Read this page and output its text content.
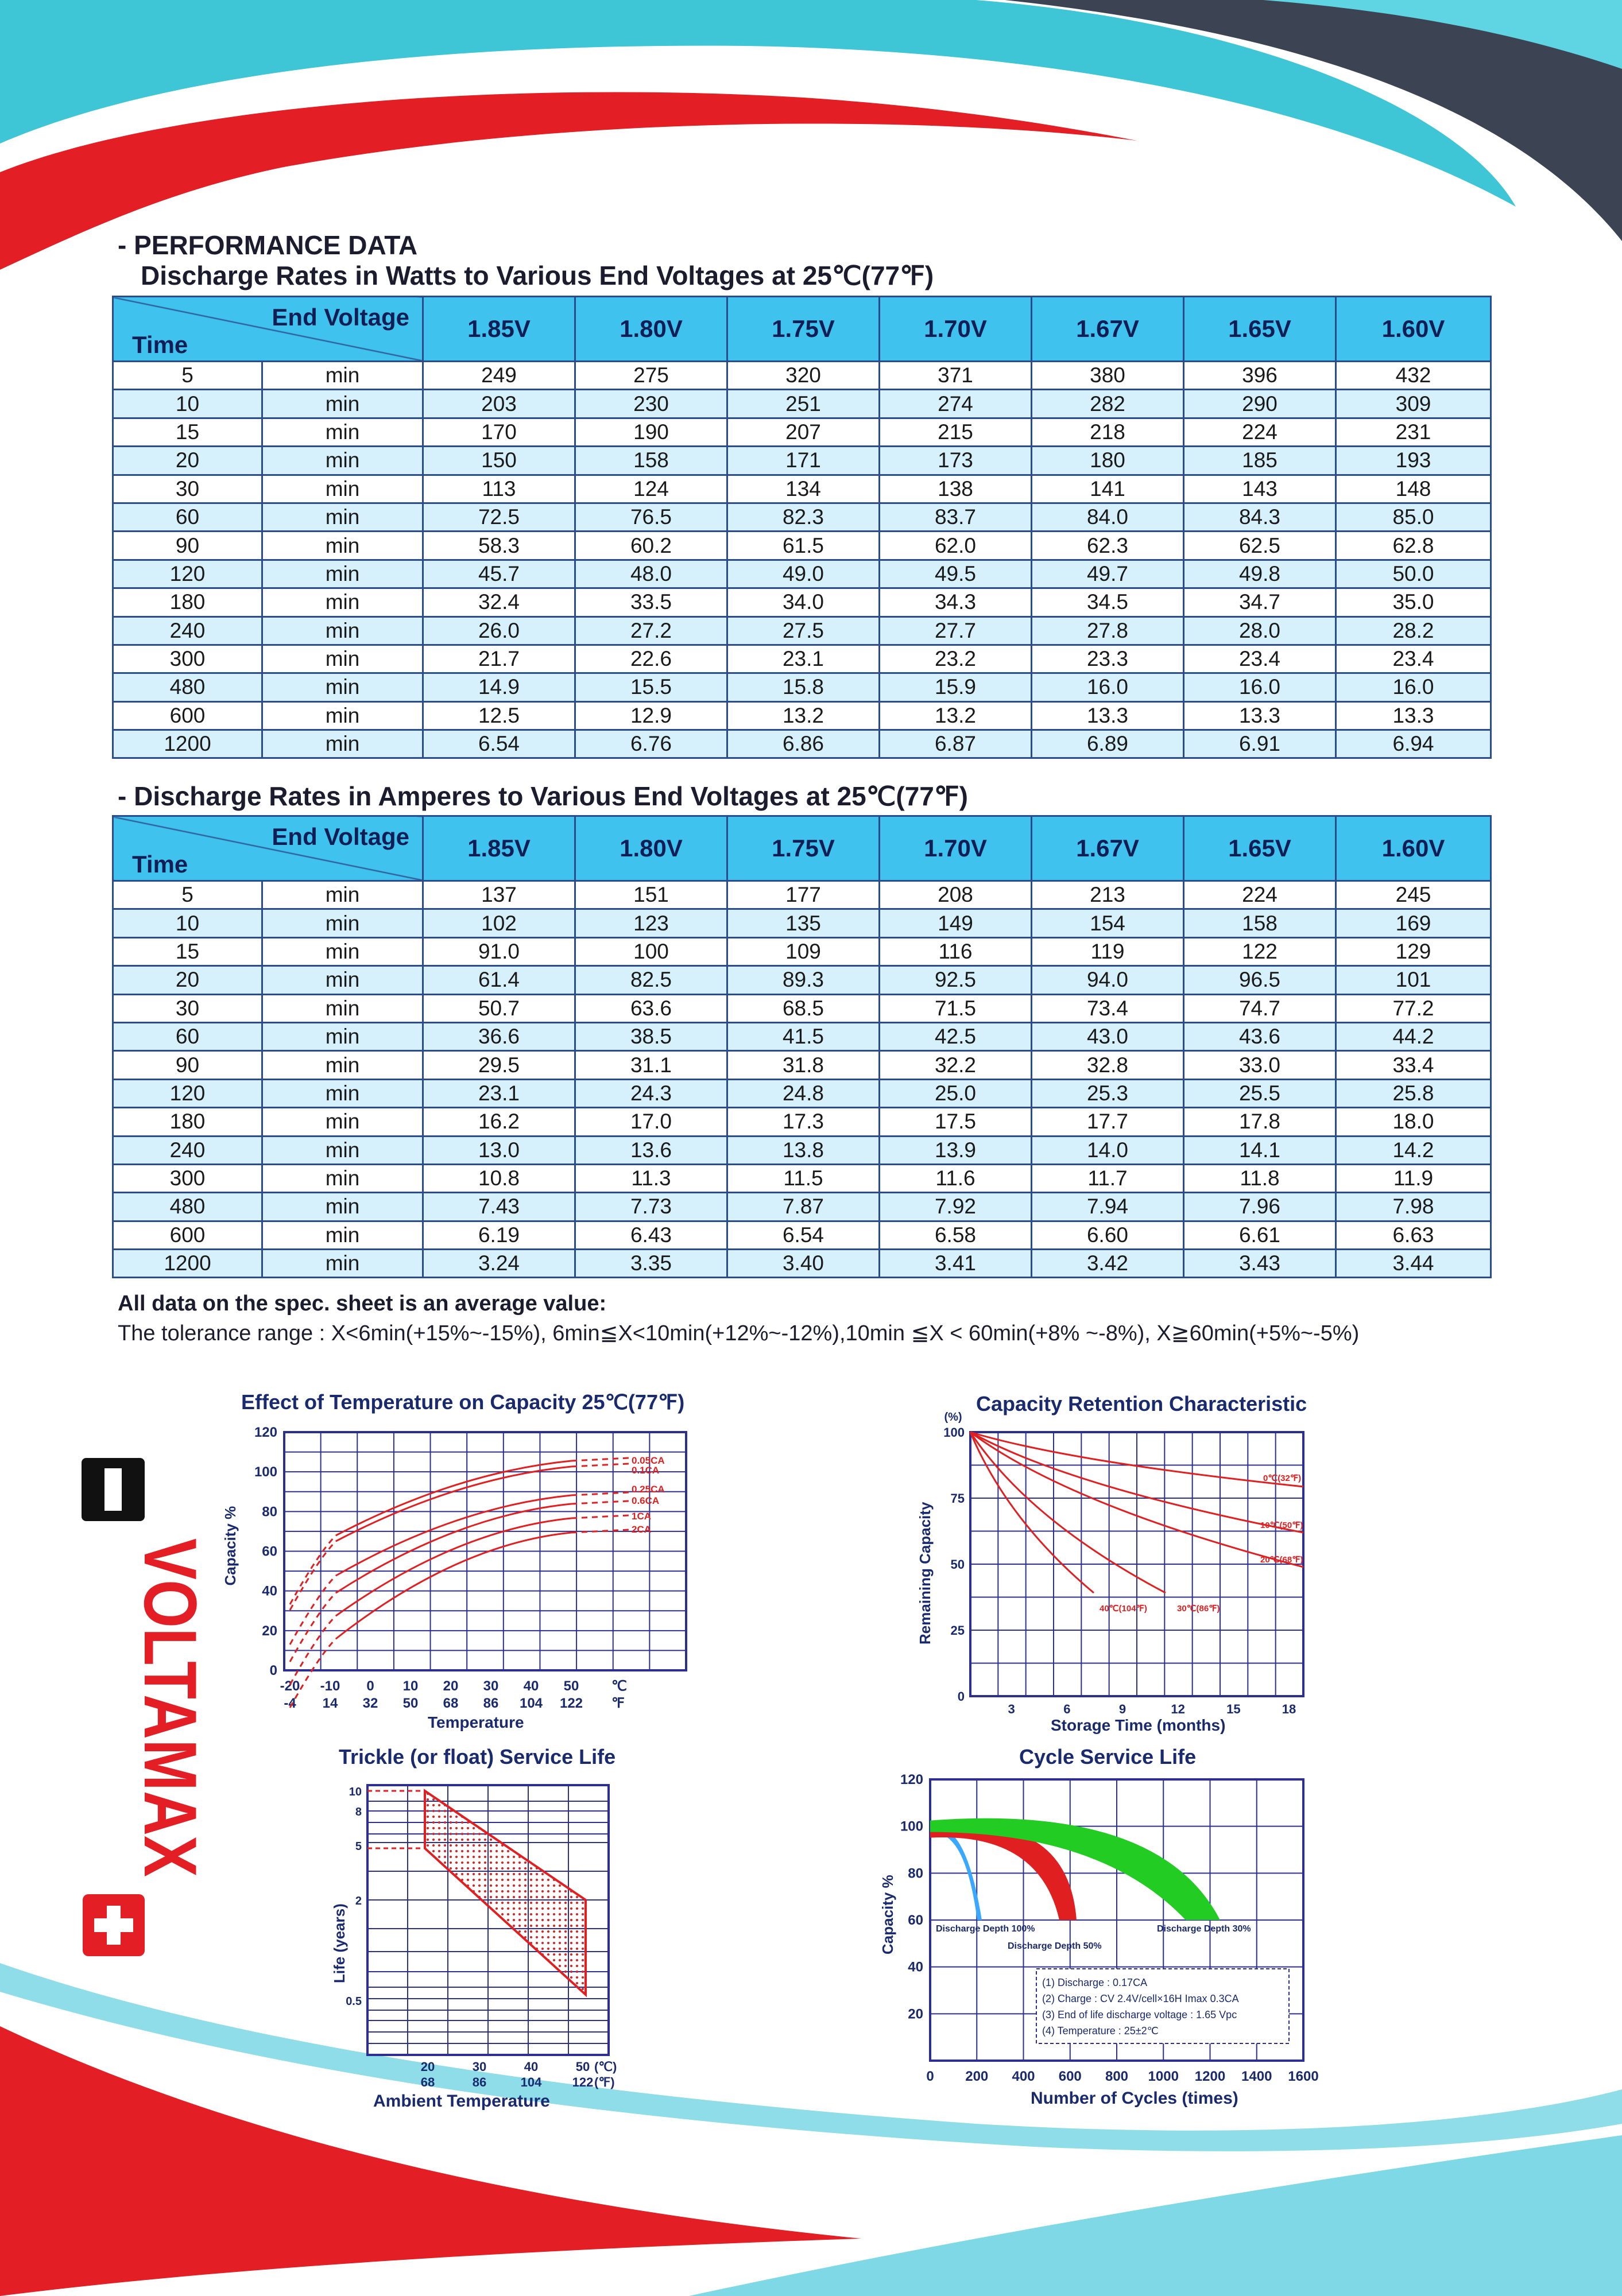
- PERFORMANCE DATA
Discharge Rates in Watts to Various End Voltages at 25℃(77℉)
End Voltage
Time		1.85V	1.80V	1.75V	1.70V	1.67V	1.65V	1.60V
5	min	249	275	320	371	380	396	432
10	min	203	230	251	274	282	290	309
15	min	170	190	207	215	218	224	231
20	min	150	158	171	173	180	185	193
30	min	113	124	134	138	141	143	148
60	min	72.5	76.5	82.3	83.7	84.0	84.3	85.0
90	min	58.3	60.2	61.5	62.0	62.3	62.5	62.8
120	min	45.7	48.0	49.0	49.5	49.7	49.8	50.0
180	min	32.4	33.5	34.0	34.3	34.5	34.7	35.0
240	min	26.0	27.2	27.5	27.7	27.8	28.0	28.2
300	min	21.7	22.6	23.1	23.2	23.3	23.4	23.4
480	min	14.9	15.5	15.8	15.9	16.0	16.0	16.0
600	min	12.5	12.9	13.2	13.2	13.3	13.3	13.3
1200	min	6.54	6.76	6.86	6.87	6.89	6.91	6.94
- Discharge Rates in Amperes to Various End Voltages at 25℃(77℉)
End Voltage
Time		1.85V	1.80V	1.75V	1.70V	1.67V	1.65V	1.60V
5	min	137	151	177	208	213	224	245
10	min	102	123	135	149	154	158	169
15	min	91.0	100	109	116	119	122	129
20	min	61.4	82.5	89.3	92.5	94.0	96.5	101
30	min	50.7	63.6	68.5	71.5	73.4	74.7	77.2
60	min	36.6	38.5	41.5	42.5	43.0	43.6	44.2
90	min	29.5	31.1	31.8	32.2	32.8	33.0	33.4
120	min	23.1	24.3	24.8	25.0	25.3	25.5	25.8
180	min	16.2	17.0	17.3	17.5	17.7	17.8	18.0
240	min	13.0	13.6	13.8	13.9	14.0	14.1	14.2
300	min	10.8	11.3	11.5	11.6	11.7	11.8	11.9
480	min	7.43	7.73	7.87	7.92	7.94	7.96	7.98
600	min	6.19	6.43	6.54	6.58	6.60	6.61	6.63
1200	min	3.24	3.35	3.40	3.41	3.42	3.43	3.44
All data on the spec. sheet is an average value:
The tolerance range : X<6min(+15%~-15%), 6min≦X<10min(+12%~-12%),10min ≦X < 60min(+8% ~-8%), X≧60min(+5%~-5%)
VOLTAMAX
Effect of Temperature on Capacity 25℃(77℉)
120
100
80
60
40
20
0
-20 -10 0 10 20 30 40 50
-4 14 32 50 68 86 104 122
℃
℉
Temperature
Capacity %
0.05CA
0.1CA
0.25CA
0.6CA
1CA
2CA
Capacity Retention Characteristic
(%)
100
75
50
25
0
3	6	9	12	15	18
Storage Time (months)
Remaining Capacity
0℃(32℉)
10℃(50℉)
20℃(68℉)
40℃(104℉)	30℃(86℉)
Trickle (or float) Service Life
10
8
5
2
0.5
20	30	40	50
68	86	104 122
(℃)
(℉)
Ambient Temperature
Life (years)
Cycle Service Life
120
100
80
60
40
20
0 200 400 600 800 1000 1200 1400 1600
Number of Cycles (times)
Capacity %	Discharge Depth 100%
Discharge Depth 50%
Discharge Depth 30%
(1) Discharge : 0.17CA
(2) Charge : CV 2.4V/cell×16H Imax 0.3CA
(3) End of life discharge voltage : 1.65 Vpc
(4) Temperature : 25±2℃
